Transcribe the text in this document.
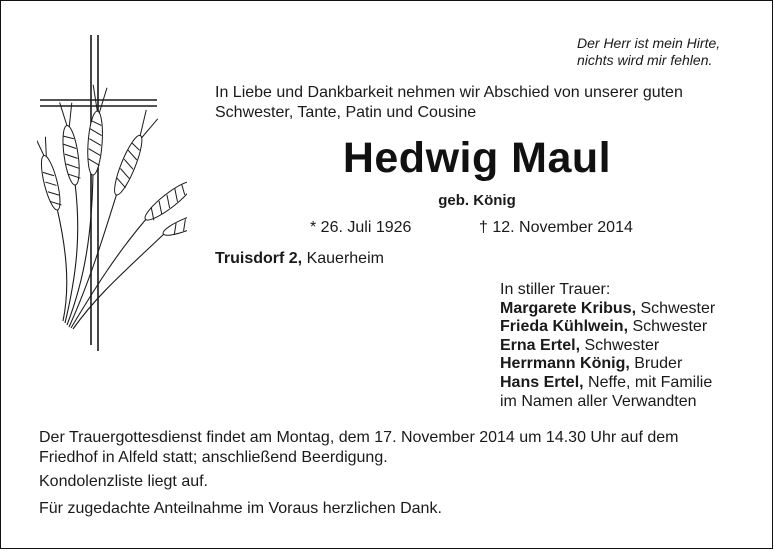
Der Herr ist mein Hirte,
nichts wird mir fehlen.
In Liebe und Dankbarkeit nehmen wir Abschied von unserer guten
Schwester, Tante, Patin und Cousine
Hedwig Maul
geb. König
* 26. Juli 1926	† 12. November 2014
Truisdorf 2, Kauerheim
In stiller Trauer:
Margarete Kribus, Schwester
Frieda Kühlwein, Schwester
Erna Ertel, Schwester
Herrmann König, Bruder
Hans Ertel, Neffe, mit Familie
im Namen aller Verwandten
Der Trauergottesdienst findet am Montag, dem 17. November 2014 um 14.30 Uhr auf dem
Friedhof in Alfeld statt; anschließend Beerdigung.
Kondolenzliste liegt auf.
Für zugedachte Anteilnahme im Voraus herzlichen Dank.
